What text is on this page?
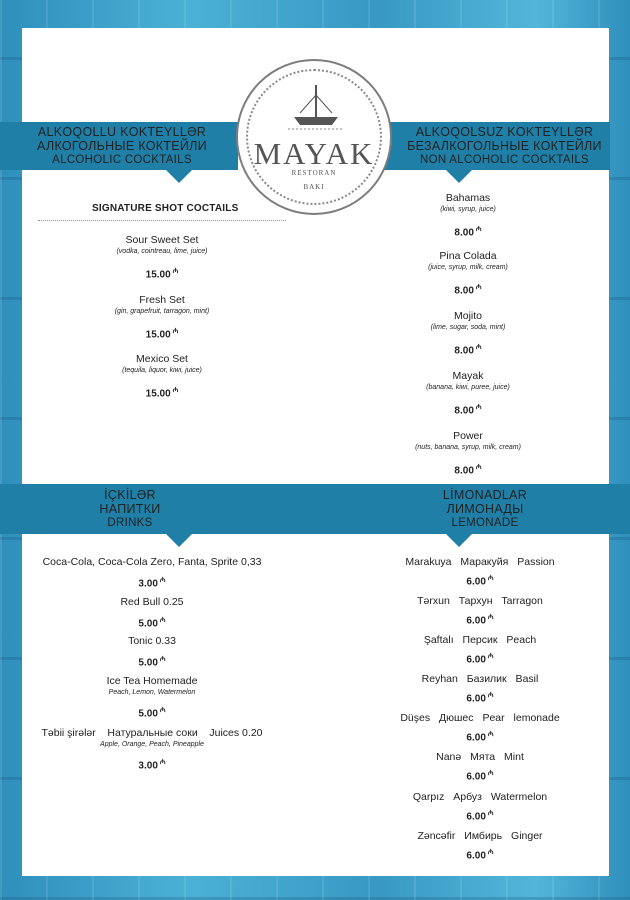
ALKOQOLLU KOKTEYLLƏR
АЛКОГОЛЬНЫЕ КОКТЕЙЛИ
ALCOHOLIC COCKTAILS
ALKOQOLSUZ KOKTEYLLƏR
БЕЗАЛКОГОЛЬНЫЕ КОКТЕЙЛИ
NON ALCOHOLIC COCKTAILS
MAYAK
RESTORAN
BAKI
SIGNATURE SHOT COCTAILS
Sour Sweet Set
(vodka, cointreau, lime, juice)
15.00 ₼
Fresh Set
(gin, grapefruit, tarragon, mint)
15.00 ₼
Mexico Set
(tequila, liquor, kiwi, juice)
15.00 ₼
Bahamas
(kiwi, syrup, juice)
8.00 ₼
Pina Colada
(juice, syrup, milk, cream)
8.00 ₼
Mojito
(lime, sugar, soda, mint)
8.00 ₼
Mayak
(banana, kiwi, puree, juice)
8.00 ₼
Power
(nuts, banana, syrup, milk, cream)
8.00 ₼
İÇKİLƏR
НАПИТКИ
DRINKS
LİMONADLAR
ЛИМОНАДЫ
LEMONADE
Coca-Cola, Coca-Cola Zero, Fanta, Sprite 0,33
3.00 ₼
Red Bull 0.25
5.00 ₼
Tonic 0.33
5.00 ₼
Ice Tea Homemade
Peach, Lemon, Watermelon
5.00 ₼
Təbii şirələr    Натуральные соки    Juices 0.20
Apple, Orange, Peach, Pineapple
3.00 ₼
Marakuya Маракуйя Passion
6.00 ₼
Tərxun Тархун Tarragon
6.00 ₼
Şaftalı Персик Peach
6.00 ₼
Reyhan Базилик Basil
6.00 ₼
Düşes Дюшес Pear lemonade
6.00 ₼
Nanə Мята Mint
6.00 ₼
Qarpız Арбуз Watermelon
6.00 ₼
Zəncəfir Имбирь Ginger
6.00 ₼
